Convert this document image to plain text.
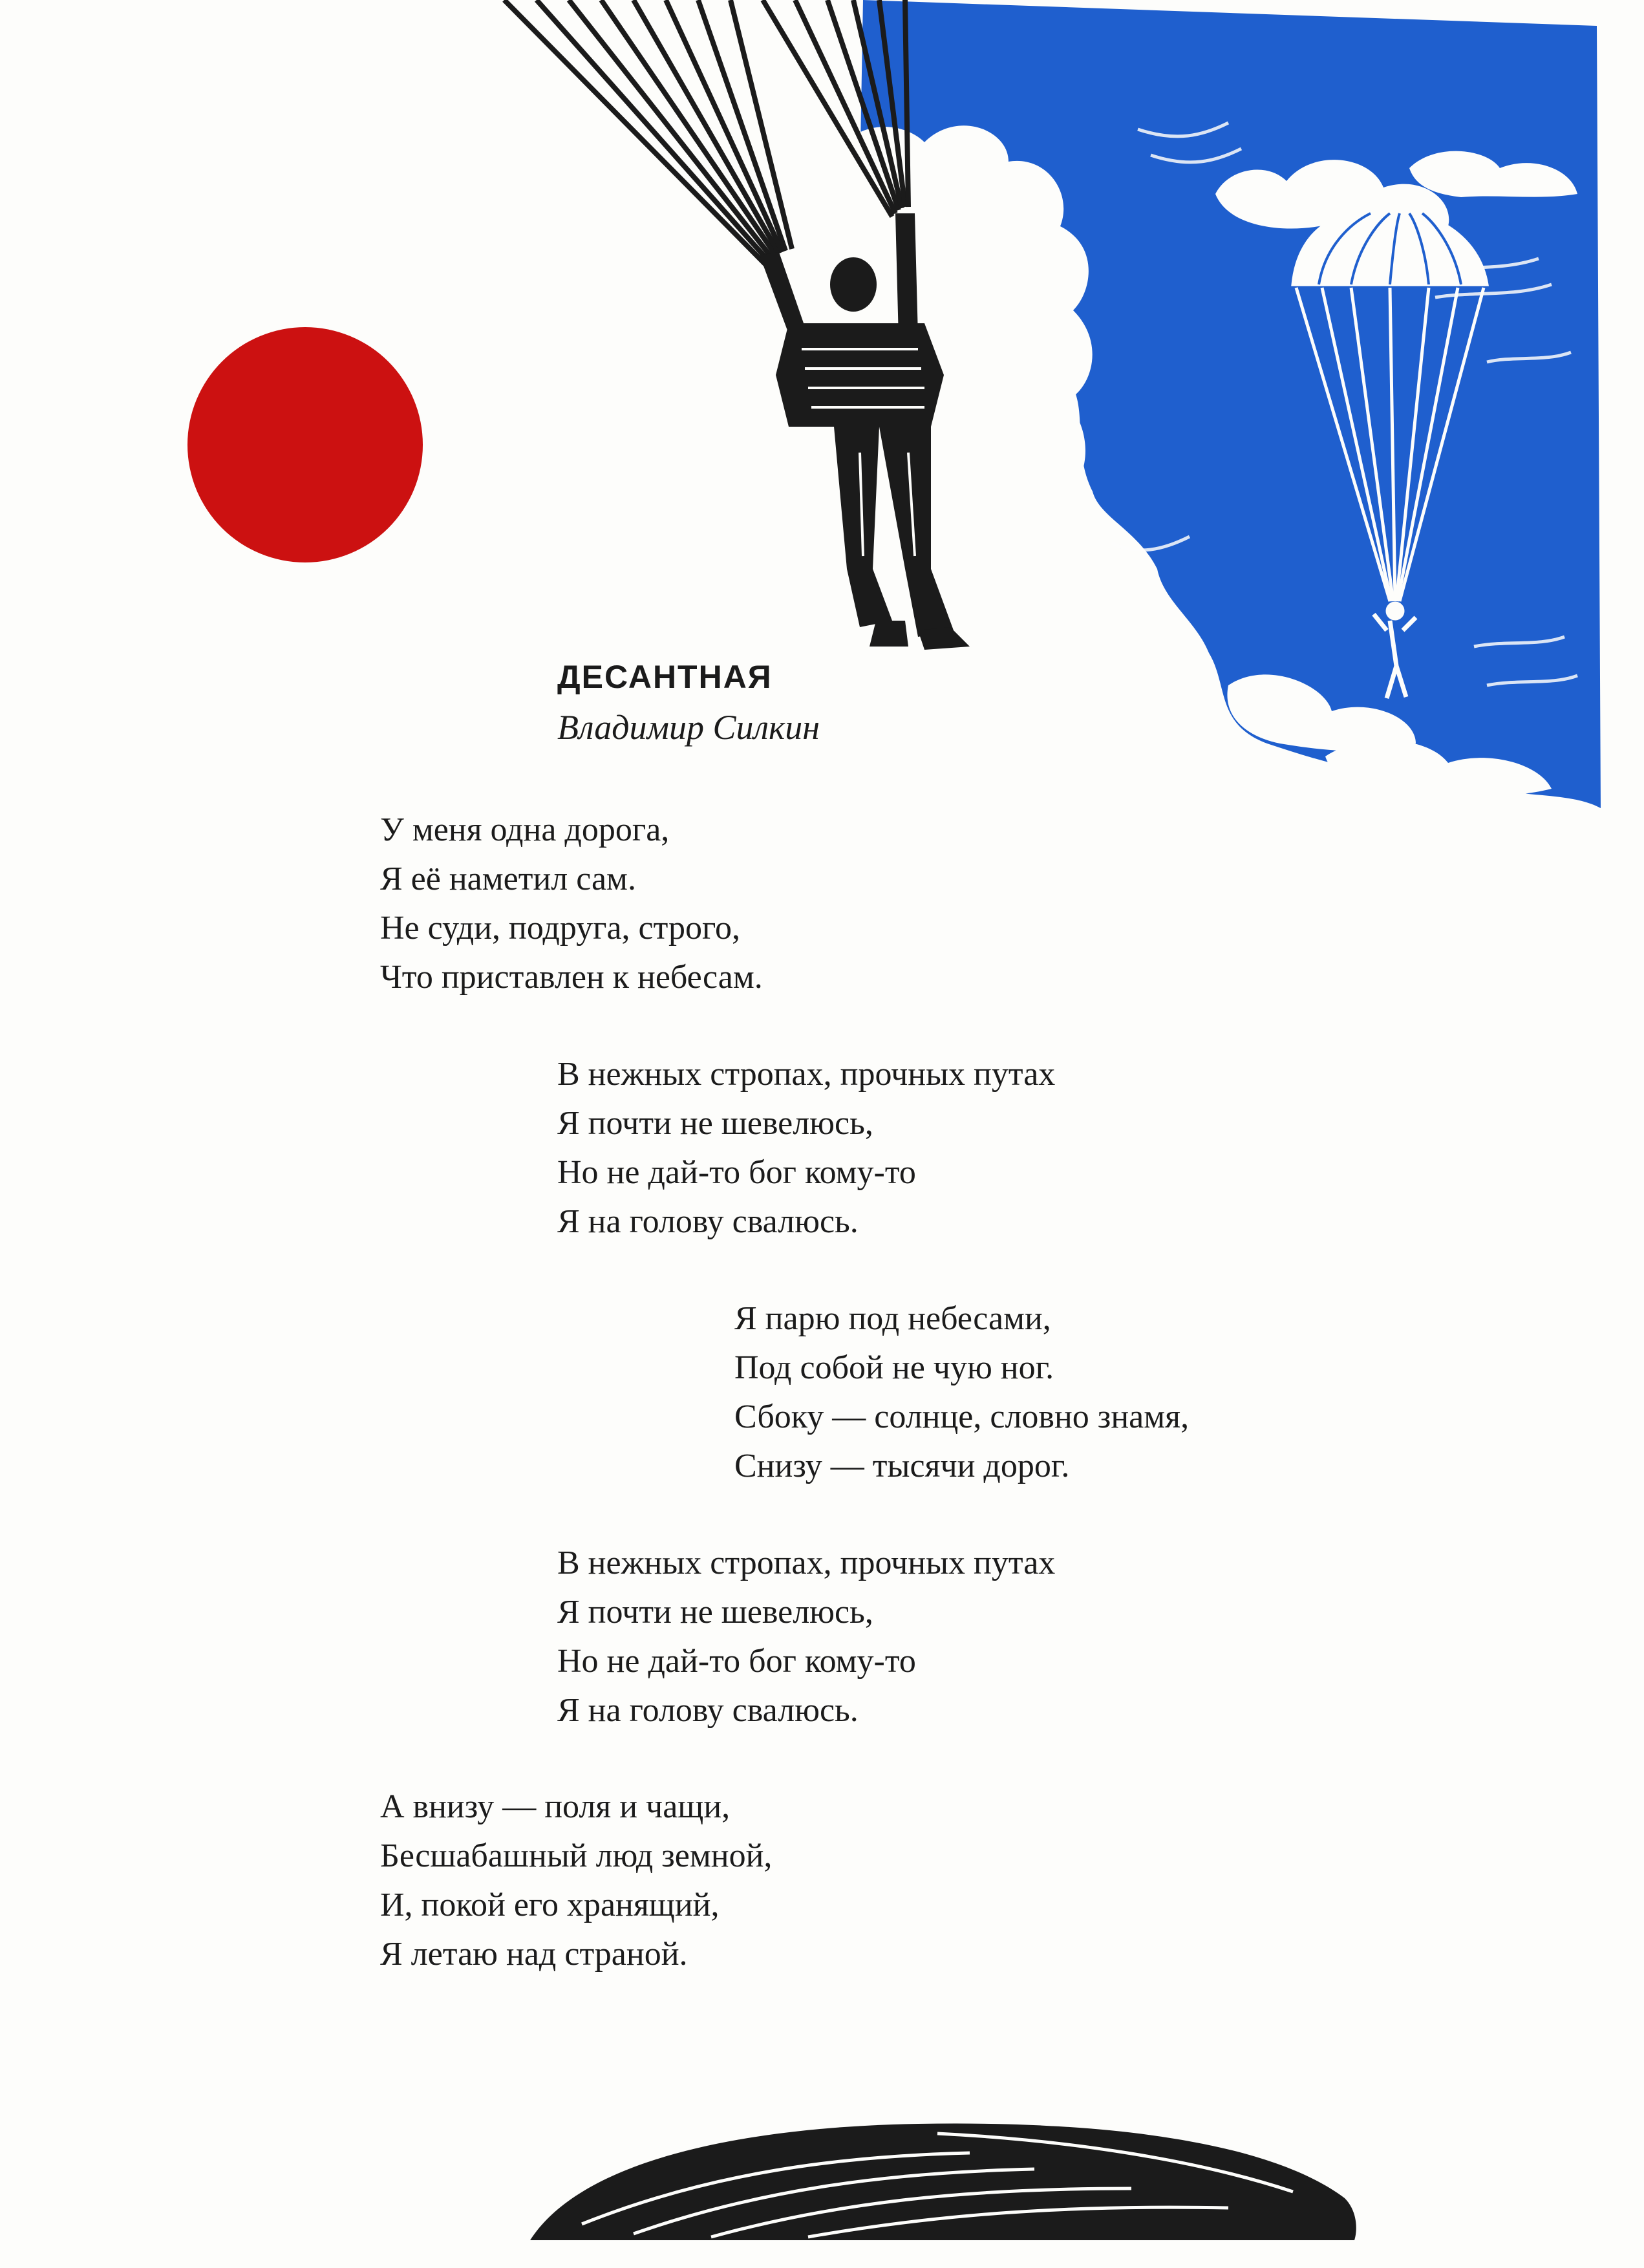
ДЕСАНТНАЯ
Владимир Силкин
У меня одна дорога,
Я её наметил сам.
Не суди, подруга, строго,
Что приставлен к небесам.
В нежных стропах, прочных путах
Я почти не шевелюсь,
Но не дай-то бог кому-то
Я на голову свалюсь.
Я парю под небесами,
Под собой не чую ног.
Сбоку — солнце, словно знамя,
Снизу — тысячи дорог.
В нежных стропах, прочных путах
Я почти не шевелюсь,
Но не дай-то бог кому-то
Я на голову свалюсь.
А внизу — поля и чащи,
Бесшабашный люд земной,
И, покой его хранящий,
Я летаю над страной.
